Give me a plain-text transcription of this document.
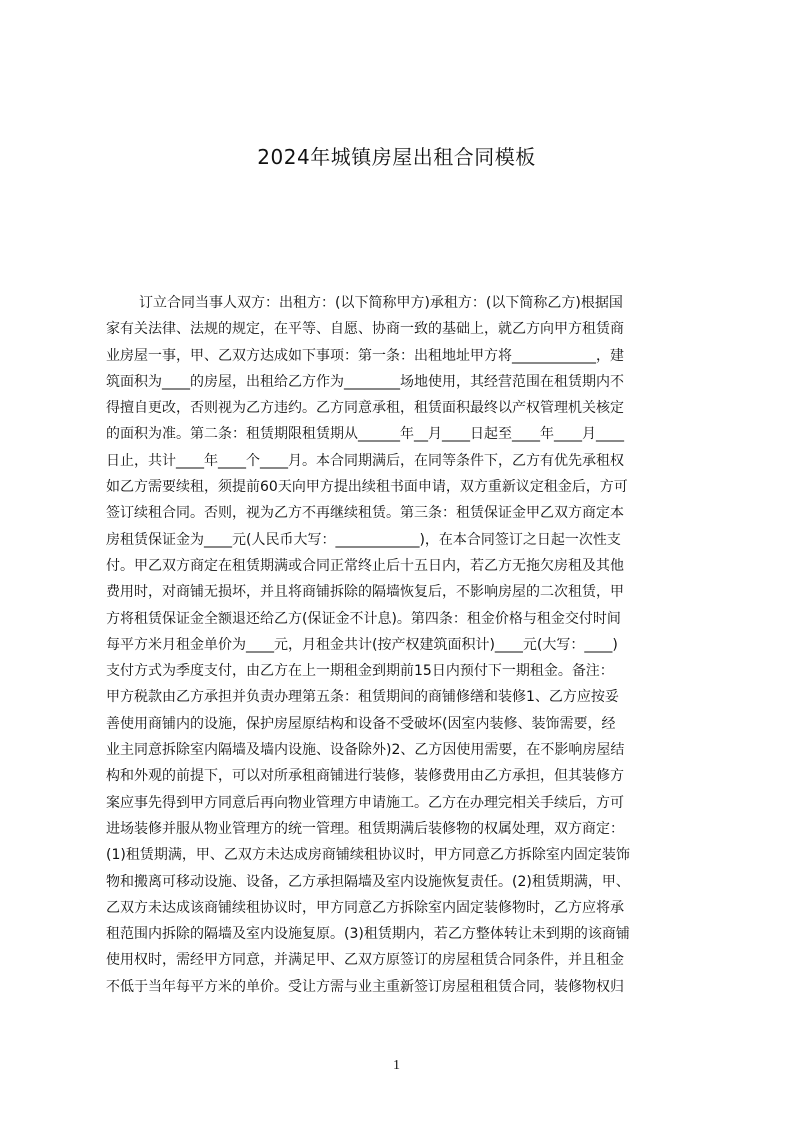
2024年城镇房屋出租合同模板
订立合同当事人双方：出租方：(以下简称甲方)承租方：(以下简称乙方)根据国
家有关法律、法规的规定，在平等、自愿、协商一致的基础上，就乙方向甲方租赁商
业房屋一事，甲、乙双方达成如下事项：第一条：出租地址甲方将____________，建
筑面积为____的房屋，出租给乙方作为________场地使用，其经营范围在租赁期内不
得擅自更改，否则视为乙方违约。乙方同意承租，租赁面积最终以产权管理机关核定
的面积为准。第二条：租赁期限租赁期从______年__月____日起至____年____月____
日止，共计____年____个____月。本合同期满后，在同等条件下，乙方有优先承租权
如乙方需要续租，须提前60天向甲方提出续租书面申请，双方重新议定租金后，方可
签订续租合同。否则，视为乙方不再继续租赁。第三条：租赁保证金甲乙双方商定本
房租赁保证金为____元(人民币大写：____________)，在本合同签订之日起一次性支
付。甲乙双方商定在租赁期满或合同正常终止后十五日内，若乙方无拖欠房租及其他
费用时，对商铺无损坏，并且将商铺拆除的隔墙恢复后，不影响房屋的二次租赁，甲
方将租赁保证金全额退还给乙方(保证金不计息)。第四条：租金价格与租金交付时间
每平方米月租金单价为____元，月租金共计(按产权建筑面积计)____元(大写：____)
支付方式为季度支付，由乙方在上一期租金到期前15日内预付下一期租金。备注：
甲方税款由乙方承担并负责办理第五条：租赁期间的商铺修缮和装修1、乙方应按妥
善使用商铺内的设施，保护房屋原结构和设备不受破坏(因室内装修、装饰需要，经
业主同意拆除室内隔墙及墙内设施、设备除外)2、乙方因使用需要，在不影响房屋结
构和外观的前提下，可以对所承租商铺进行装修，装修费用由乙方承担，但其装修方
案应事先得到甲方同意后再向物业管理方申请施工。乙方在办理完相关手续后，方可
进场装修并服从物业管理方的统一管理。租赁期满后装修物的权属处理，双方商定：
(1)租赁期满，甲、乙双方未达成房商铺续租协议时，甲方同意乙方拆除室内固定装饰
物和搬离可移动设施、设备，乙方承担隔墙及室内设施恢复责任。(2)租赁期满，甲、
乙双方未达成该商铺续租协议时，甲方同意乙方拆除室内固定装修物时，乙方应将承
租范围内拆除的隔墙及室内设施复原。(3)租赁期内，若乙方整体转让未到期的该商铺
使用权时，需经甲方同意，并满足甲、乙双方原签订的房屋租赁合同条件，并且租金
不低于当年每平方米的单价。受让方需与业主重新签订房屋租租赁合同，装修物权归
1
